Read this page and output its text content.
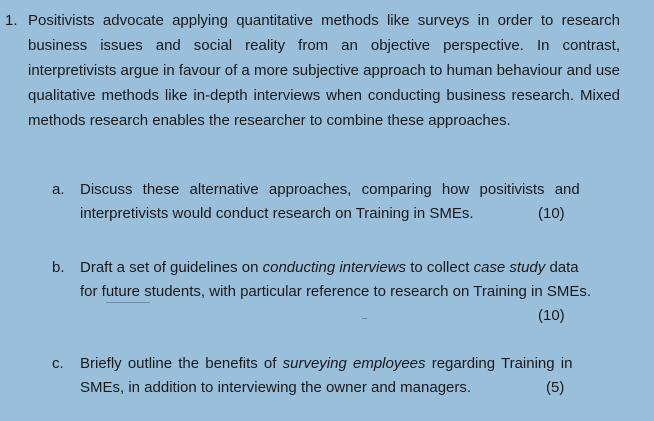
1. Positivists advocate applying quantitative methods like surveys in order to research business issues and social reality from an objective perspective. In contrast, interpretivists argue in favour of a more subjective approach to human behaviour and use qualitative methods like in-depth interviews when conducting business research. Mixed methods research enables the researcher to combine these approaches.
a. Discuss these alternative approaches, comparing how positivists and
interpretivists would conduct research on Training in SMEs.	(10)
b. Draft a set of guidelines on conducting interviews to collect case study data
for future students, with particular reference to research on Training in SMEs.
(10)
c. Briefly outline the benefits of surveying employees regarding Training in
SMEs, in addition to interviewing the owner and managers.	(5)
